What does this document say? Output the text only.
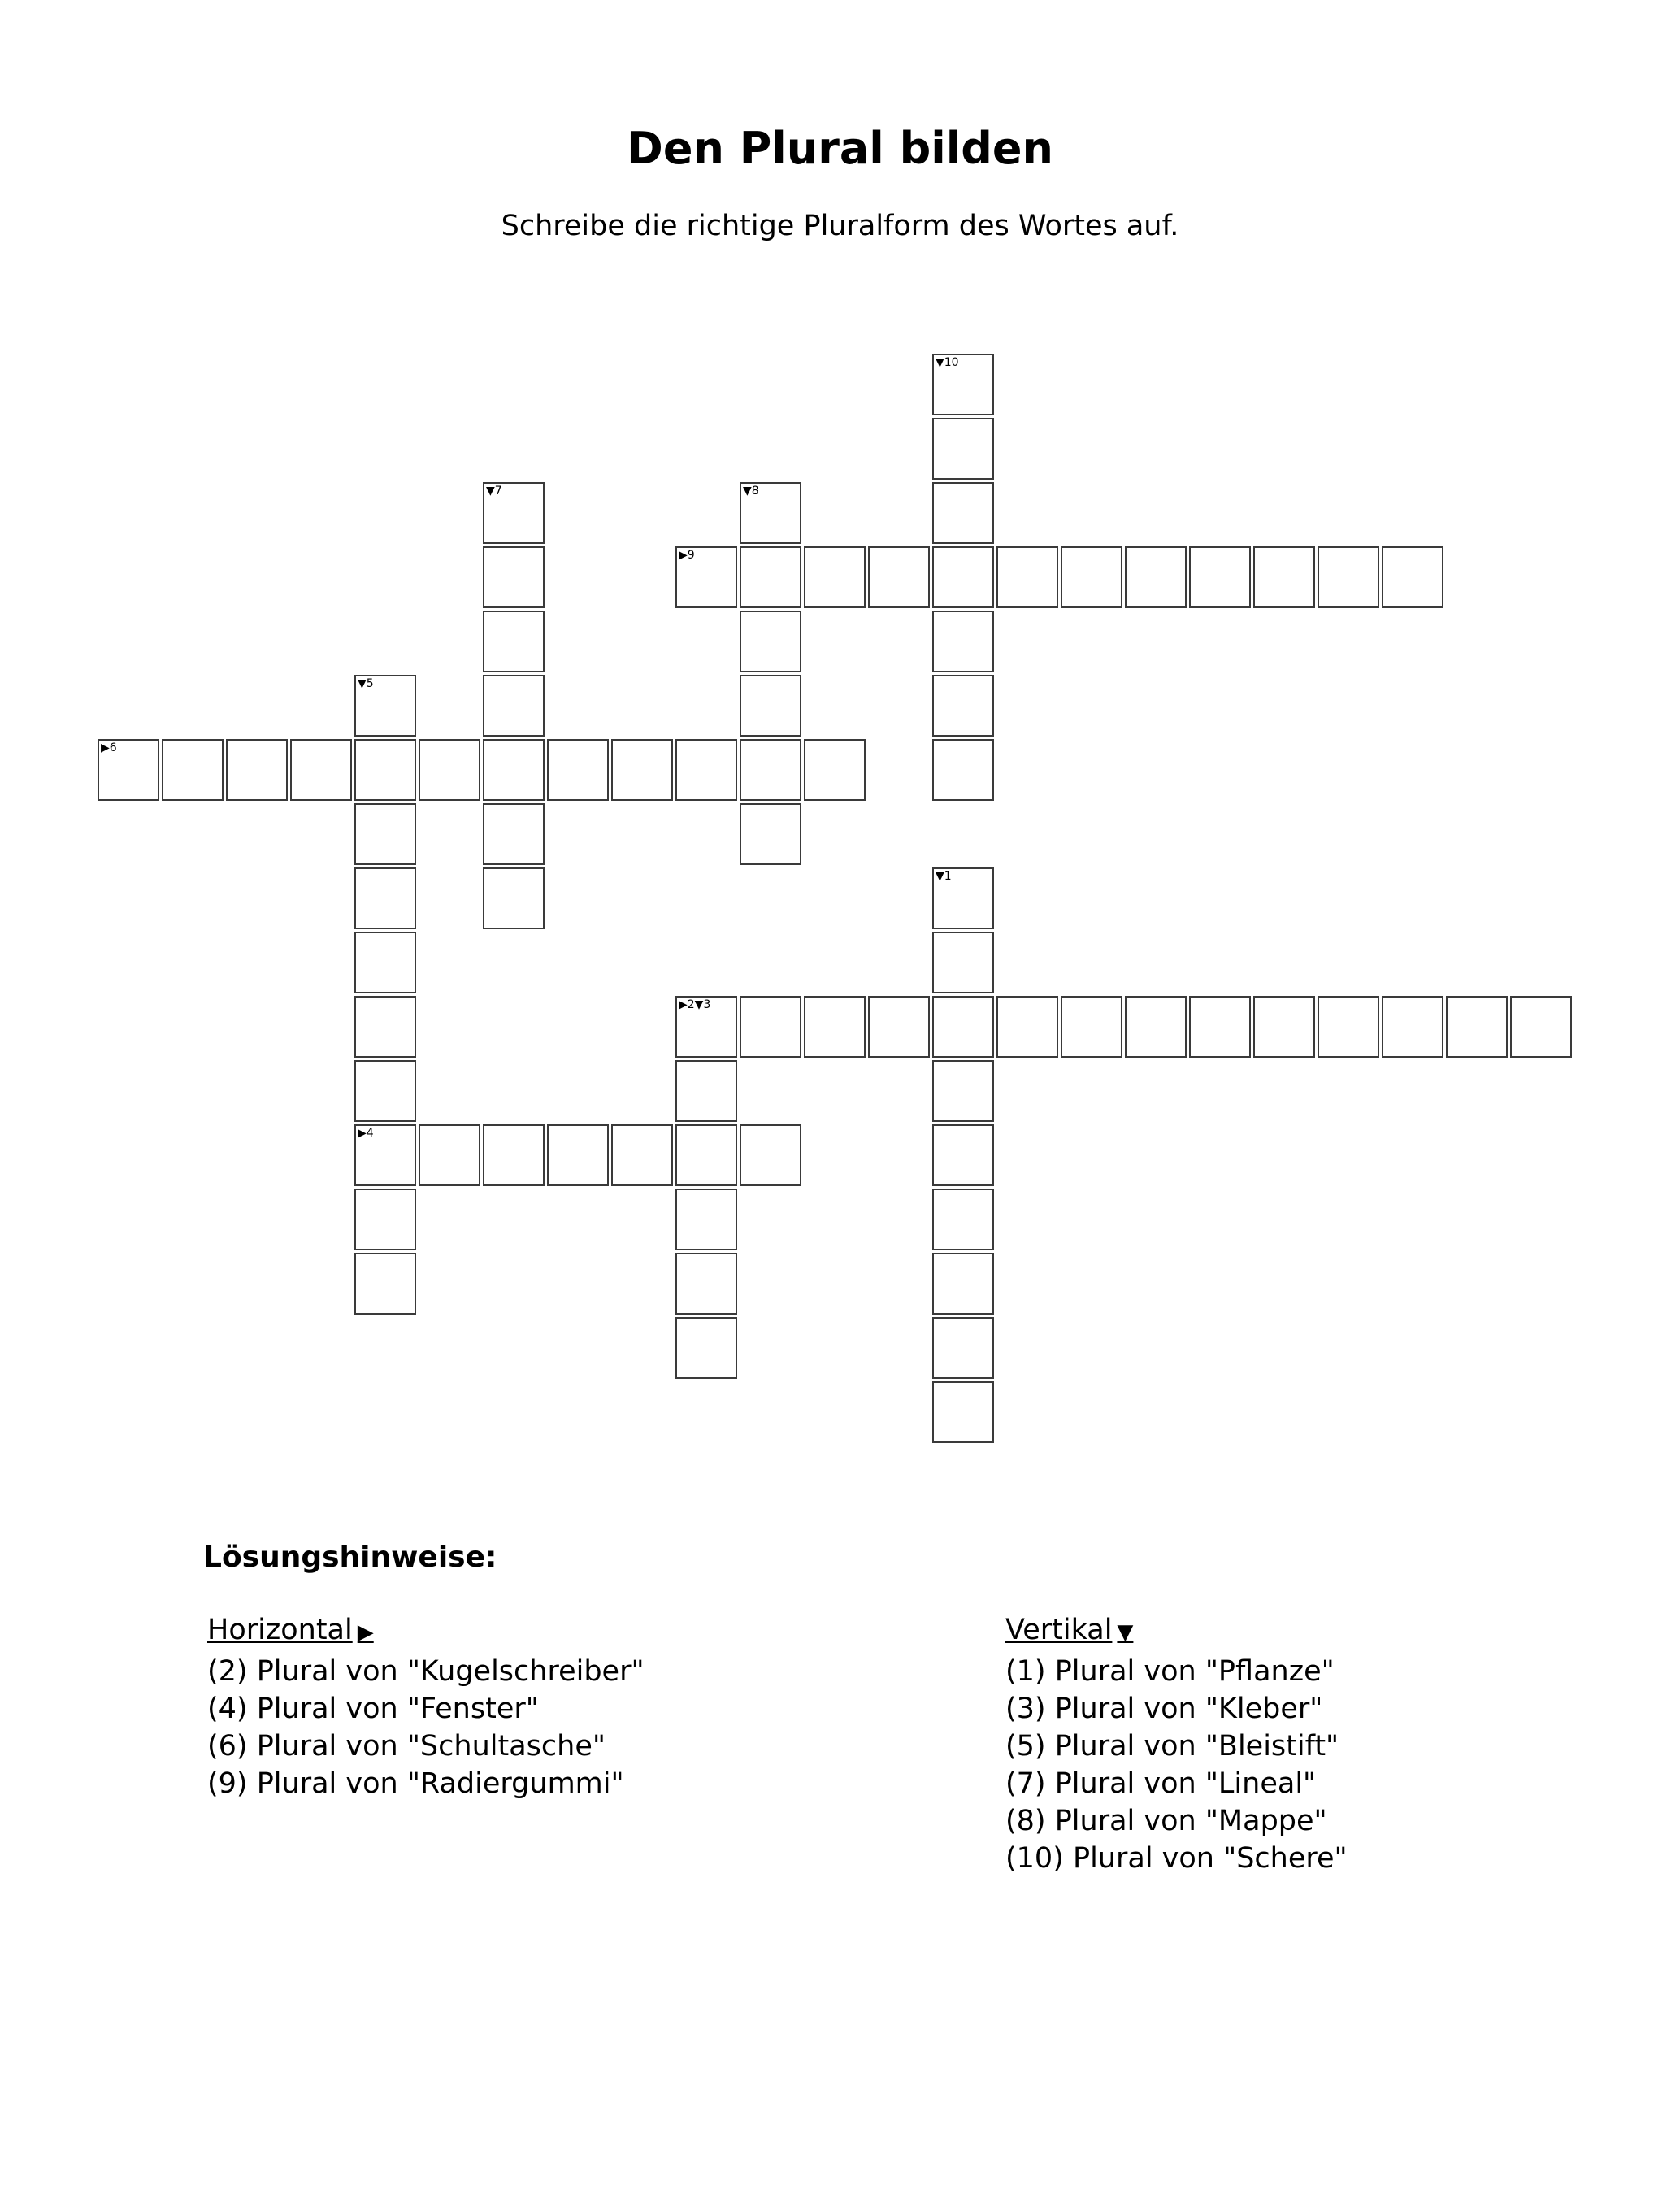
Den Plural bilden
Schreibe die richtige Pluralform des Wortes auf.
▼10
▼7	▼8
▶9
▼5
▶4
▶6
▼1
▶2▼3
Lösungshinweise:
Horizontal ▶
(2) Plural von "Kugelschreiber"
(4) Plural von "Fenster"
(6) Plural von "Schultasche"
(9) Plural von "Radiergummi"
Vertikal ▼
(1) Plural von "Pflanze"
(3) Plural von "Kleber"
(5) Plural von "Bleistift"
(7) Plural von "Lineal"
(8) Plural von "Mappe"
(10) Plural von "Schere"
